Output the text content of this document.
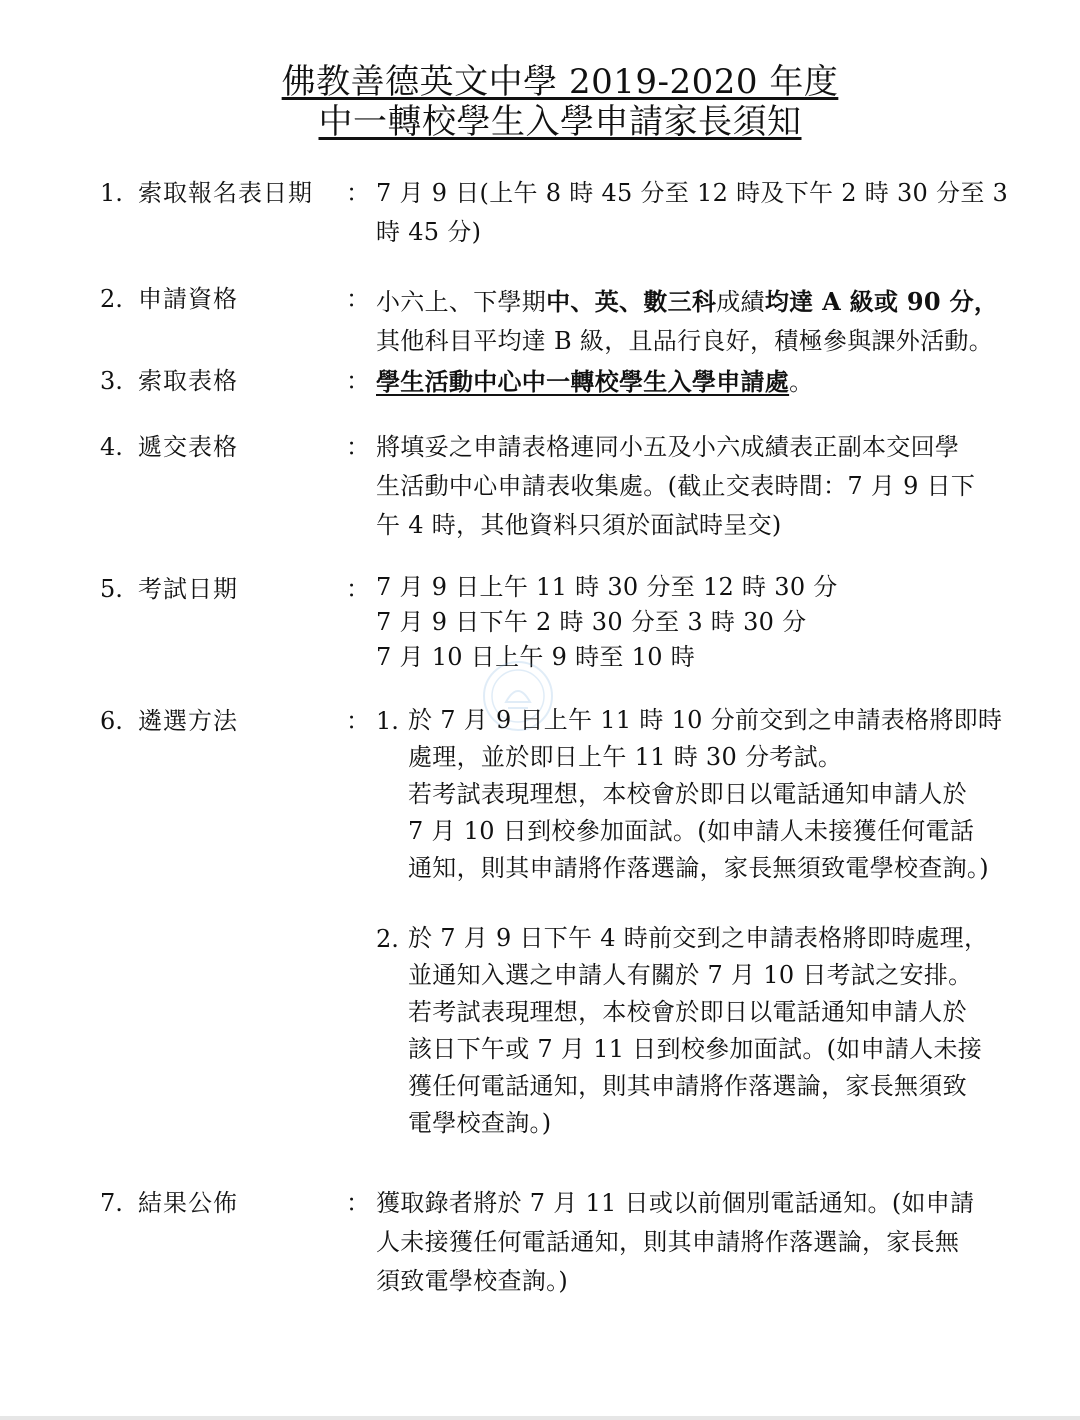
佛教善德英文中學 2019-2020 年度
中一轉校學生入學申請家長須知
1. 索取報名表日期 ： 7 月 9 日(上午 8 時 45 分至 12 時及下午 2 時 30 分至 3
時 45 分)
2. 申請資格	： 小六上、下學期中、英、數三科成績均達 A 級或 90 分，
其他科目平均達 B 級，且品行良好，積極參與課外活動。
3. 索取表格	： 學生活動中心中一轉校學生入學申請處。
4. 遞交表格	： 將填妥之申請表格連同小五及小六成績表正副本交回學
生活動中心申請表收集處。(截止交表時間：7 月 9 日下
午 4 時，其他資料只須於面試時呈交)
5. 考試日期	： 7 月 9 日上午 11 時 30 分至 12 時 30 分
7 月 9 日下午 2 時 30 分至 3 時 30 分
7 月 10 日上午 9 時至 10 時
6. 遴選方法	： 1. 於 7 月 9 日上午 11 時 10 分前交到之申請表格將即時
處理，並於即日上午 11 時 30 分考試。
若考試表現理想，本校會於即日以電話通知申請人於
7 月 10 日到校參加面試。(如申請人未接獲任何電話
通知，則其申請將作落選論，家長無須致電學校查詢。)
2. 於 7 月 9 日下午 4 時前交到之申請表格將即時處理，
並通知入選之申請人有關於 7 月 10 日考試之安排。
若考試表現理想，本校會於即日以電話通知申請人於
該日下午或 7 月 11 日到校參加面試。(如申請人未接
獲任何電話通知，則其申請將作落選論，家長無須致
電學校查詢。)
7. 結果公佈	： 獲取錄者將於 7 月 11 日或以前個別電話通知。(如申請
人未接獲任何電話通知，則其申請將作落選論，家長無
須致電學校查詢。)
